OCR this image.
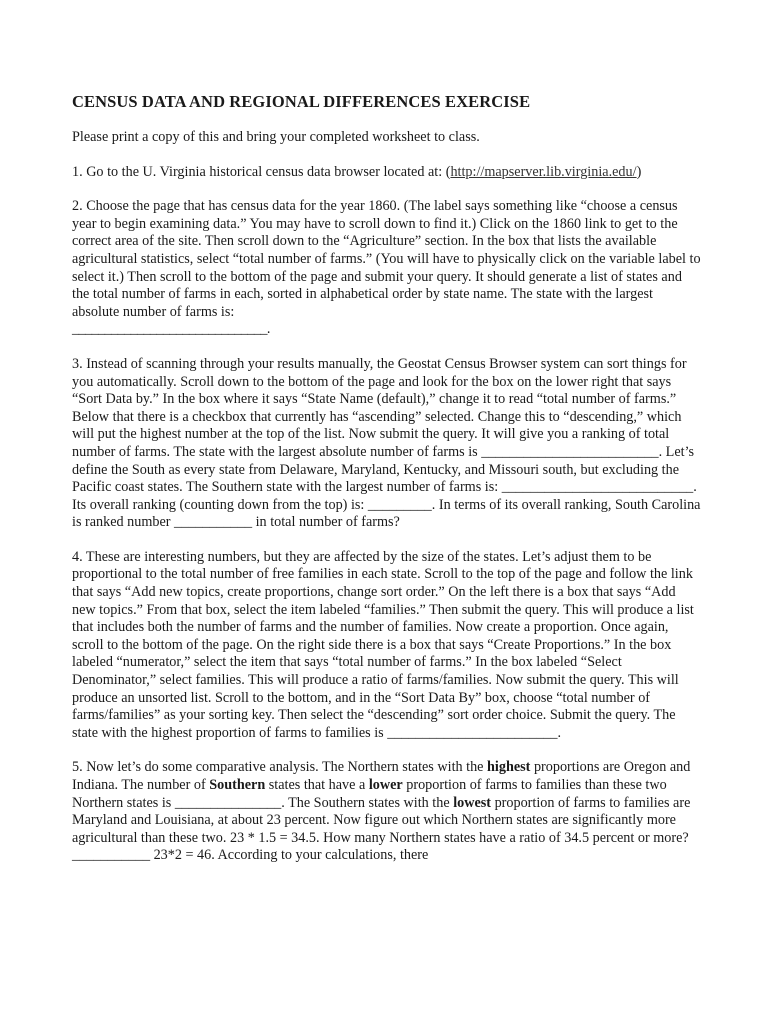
CENSUS DATA AND REGIONAL DIFFERENCES EXERCISE

Please print a copy of this and bring your completed worksheet to class.

1. Go to the U. Virginia historical census data browser located at: (http://mapserver.lib.virginia.edu/)

2. Choose the page that has census data for the year 1860. (The label says something like “choose a census year to begin examining data.” You may have to scroll down to find it.) Click on the 1860 link to get to the correct area of the site. Then scroll down to the “Agriculture” section. In the box that lists the available agricultural statistics, select “total number of farms.” (You will have to physically click on the variable label to select it.) Then scroll to the bottom of the page and submit your query. It should generate a list of states and the total number of farms in each, sorted in alphabetical order by state name. The state with the largest absolute number of farms is:
______________________________.

3. Instead of scanning through your results manually, the Geostat Census Browser system can sort things for you automatically. Scroll down to the bottom of the page and look for the box on the lower right that says “Sort Data by.” In the box where it says “State Name (default),” change it to read “total number of farms.” Below that there is a checkbox that currently has “ascending” selected. Change this to “descending,” which will put the highest number at the top of the list. Now submit the query. It will give you a ranking of total number of farms. The state with the largest absolute number of farms is _________________________. Let’s define the South as every state from Delaware, Maryland, Kentucky, and Missouri south, but excluding the Pacific coast states. The Southern state with the largest number of farms is: ___________________________. Its overall ranking (counting down from the top) is: _________. In terms of its overall ranking, South Carolina is ranked number ___________ in total number of farms?

4. These are interesting numbers, but they are affected by the size of the states. Let’s adjust them to be proportional to the total number of free families in each state. Scroll to the top of the page and follow the link that says “Add new topics, create proportions, change sort order.” On the left there is a box that says “Add new topics.” From that box, select the item labeled “families.” Then submit the query. This will produce a list that includes both the number of farms and the number of families. Now create a proportion. Once again, scroll to the bottom of the page. On the right side there is a box that says “Create Proportions.” In the box labeled “numerator,” select the item that says “total number of farms.” In the box labeled “Select Denominator,” select families. This will produce a ratio of farms/families. Now submit the query. This will produce an unsorted list. Scroll to the bottom, and in the “Sort Data By” box, choose “total number of farms/families” as your sorting key. Then select the “descending” sort order choice. Submit the query. The state with the highest proportion of farms to families is ________________________.

5. Now let’s do some comparative analysis. The Northern states with the highest proportions are Oregon and Indiana. The number of Southern states that have a lower proportion of farms to families than these two Northern states is _______________. The Southern states with the lowest proportion of farms to families are Maryland and Louisiana, at about 23 percent. Now figure out which Northern states are significantly more agricultural than these two. 23 * 1.5 = 34.5. How many Northern states have a ratio of 34.5 percent or more? ___________ 23*2 = 46. According to your calculations, there
